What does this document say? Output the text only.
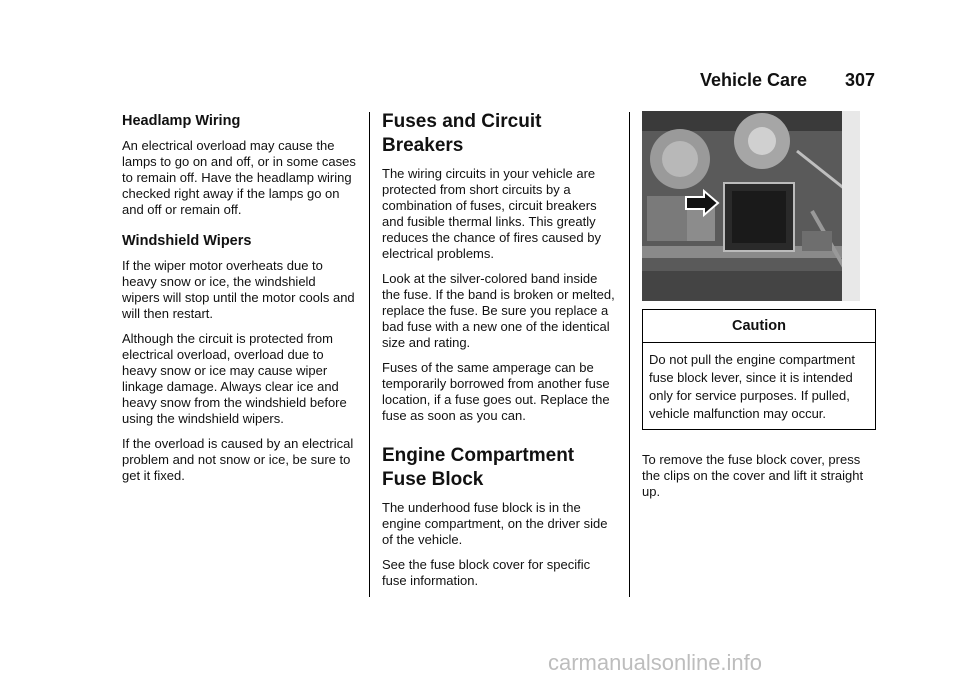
Vehicle Care 307
Headlamp Wiring

An electrical overload may cause the lamps to go on and off, or in some cases to remain off. Have the headlamp wiring checked right away if the lamps go on and off or remain off.

Windshield Wipers

If the wiper motor overheats due to heavy snow or ice, the windshield wipers will stop until the motor cools and will then restart.

Although the circuit is protected from electrical overload, overload due to heavy snow or ice may cause wiper linkage damage. Always clear ice and heavy snow from the windshield before using the windshield wipers.

If the overload is caused by an electrical problem and not snow or ice, be sure to get it fixed.

Fuses and Circuit Breakers

The wiring circuits in your vehicle are protected from short circuits by a combination of fuses, circuit breakers and fusible thermal links. This greatly reduces the chance of fires caused by electrical problems.

Look at the silver-colored band inside the fuse. If the band is broken or melted, replace the fuse. Be sure you replace a bad fuse with a new one of the identical size and rating.

Fuses of the same amperage can be temporarily borrowed from another fuse location, if a fuse goes out. Replace the fuse as soon as you can.

Engine Compartment Fuse Block

The underhood fuse block is in the engine compartment, on the driver side of the vehicle.

See the fuse block cover for specific fuse information.

Caution

Do not pull the engine compartment fuse block lever, since it is intended only for service purposes. If pulled, vehicle malfunction may occur.

To remove the fuse block cover, press the clips on the cover and lift it straight up.

carmanualsonline.info
